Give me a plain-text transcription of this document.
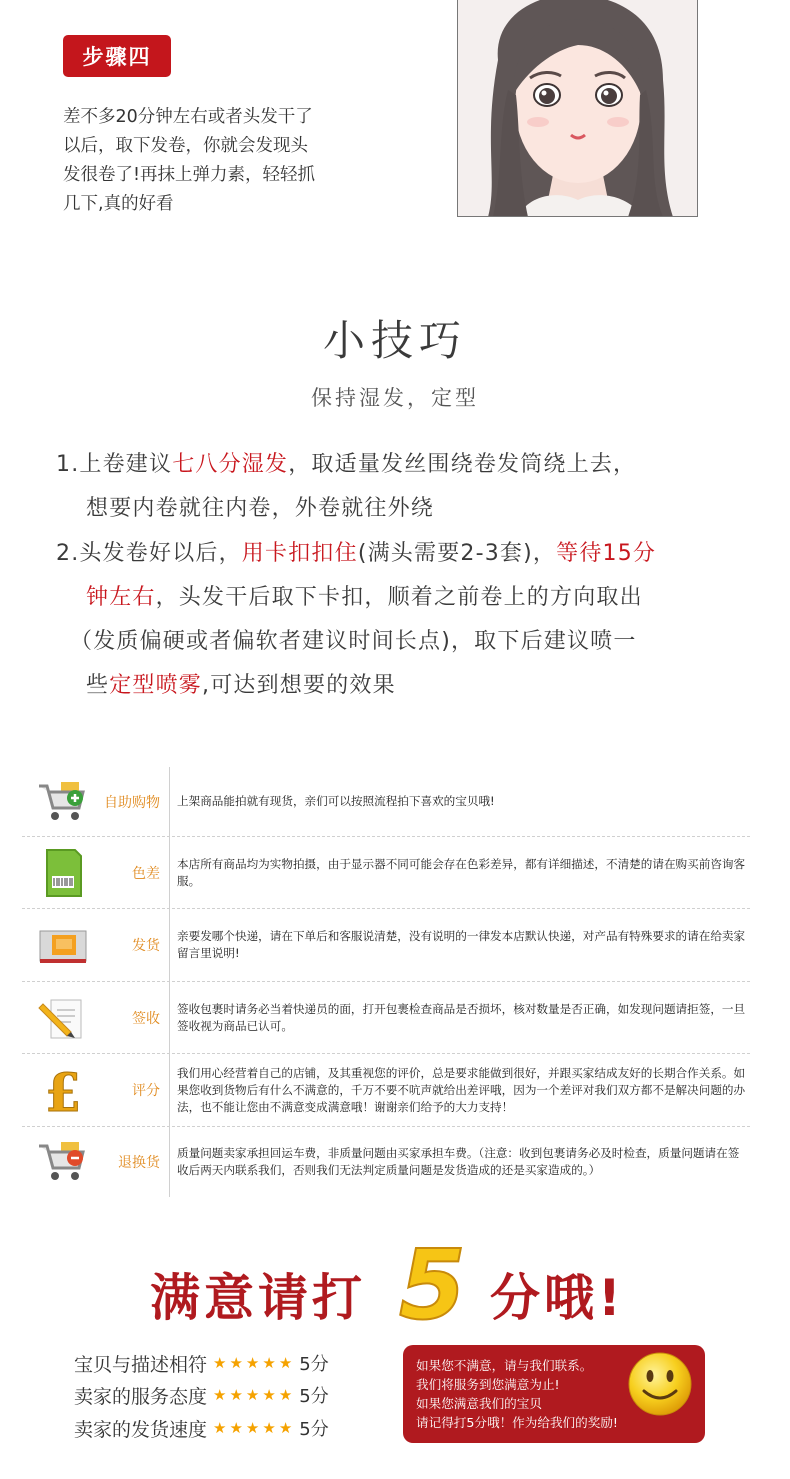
步骤四
差不多20分钟左右或者头发干了
以后，取下发卷，你就会发现头
发很卷了!再抹上弹力素，轻轻抓
几下,真的好看
小技巧
保持湿发，定型
1.上卷建议七八分湿发，取适量发丝围绕卷发筒绕上去，
想要内卷就往内卷，外卷就往外绕
2.头发卷好以后，用卡扣扣住(满头需要2-3套)，等待15分
钟左右，头发干后取下卡扣，顺着之前卷上的方向取出
（发质偏硬或者偏软者建议时间长点)，取下后建议喷一
些定型喷雾,可达到想要的效果
自助购物 上架商品能拍就有现货，亲们可以按照流程拍下喜欢的宝贝哦!
色差
本店所有商品均为实物拍摄，由于显示器不同可能会存在色彩差异，都有详细描述，不清楚的请在购买前咨询客服。
发货
亲要发哪个快递，请在下单后和客服说清楚，没有说明的一律发本店默认快递，对产品有特殊要求的请在给卖家留言里说明!
签收
签收包裹时请务必当着快递员的面，打开包裹检查商品是否损坏，核对数量是否正确，如发现问题请拒签，一旦签收视为商品已认可。
£	评分
我们用心经营着自己的店铺，及其重视您的评价，总是要求能做到很好，并跟买家结成友好的长期合作关系。如果您收到货物后有什么不满意的，千万不要不吭声就给出差评哦，因为一个差评对我们双方都不是解决问题的办法，也不能让您由不满意变成满意哦！谢谢亲们给予的大力支持！
退换货
质量问题卖家承担回运车费，非质量问题由买家承担车费。（注意：收到包裹请务必及时检查，质量问题请在签收后两天内联系我们，否则我们无法判定质量问题是发货造成的还是买家造成的。）
满意请打 5 分哦!
宝贝与描述相符 ★ ★ ★ ★ ★ 5分
卖家的服务态度 ★ ★ ★ ★ ★ 5分
卖家的发货速度 ★ ★ ★ ★ ★ 5分
如果您不满意，请与我们联系。
我们将服务到您满意为止!
如果您满意我们的宝贝
请记得打5分哦！作为给我们的奖励!
